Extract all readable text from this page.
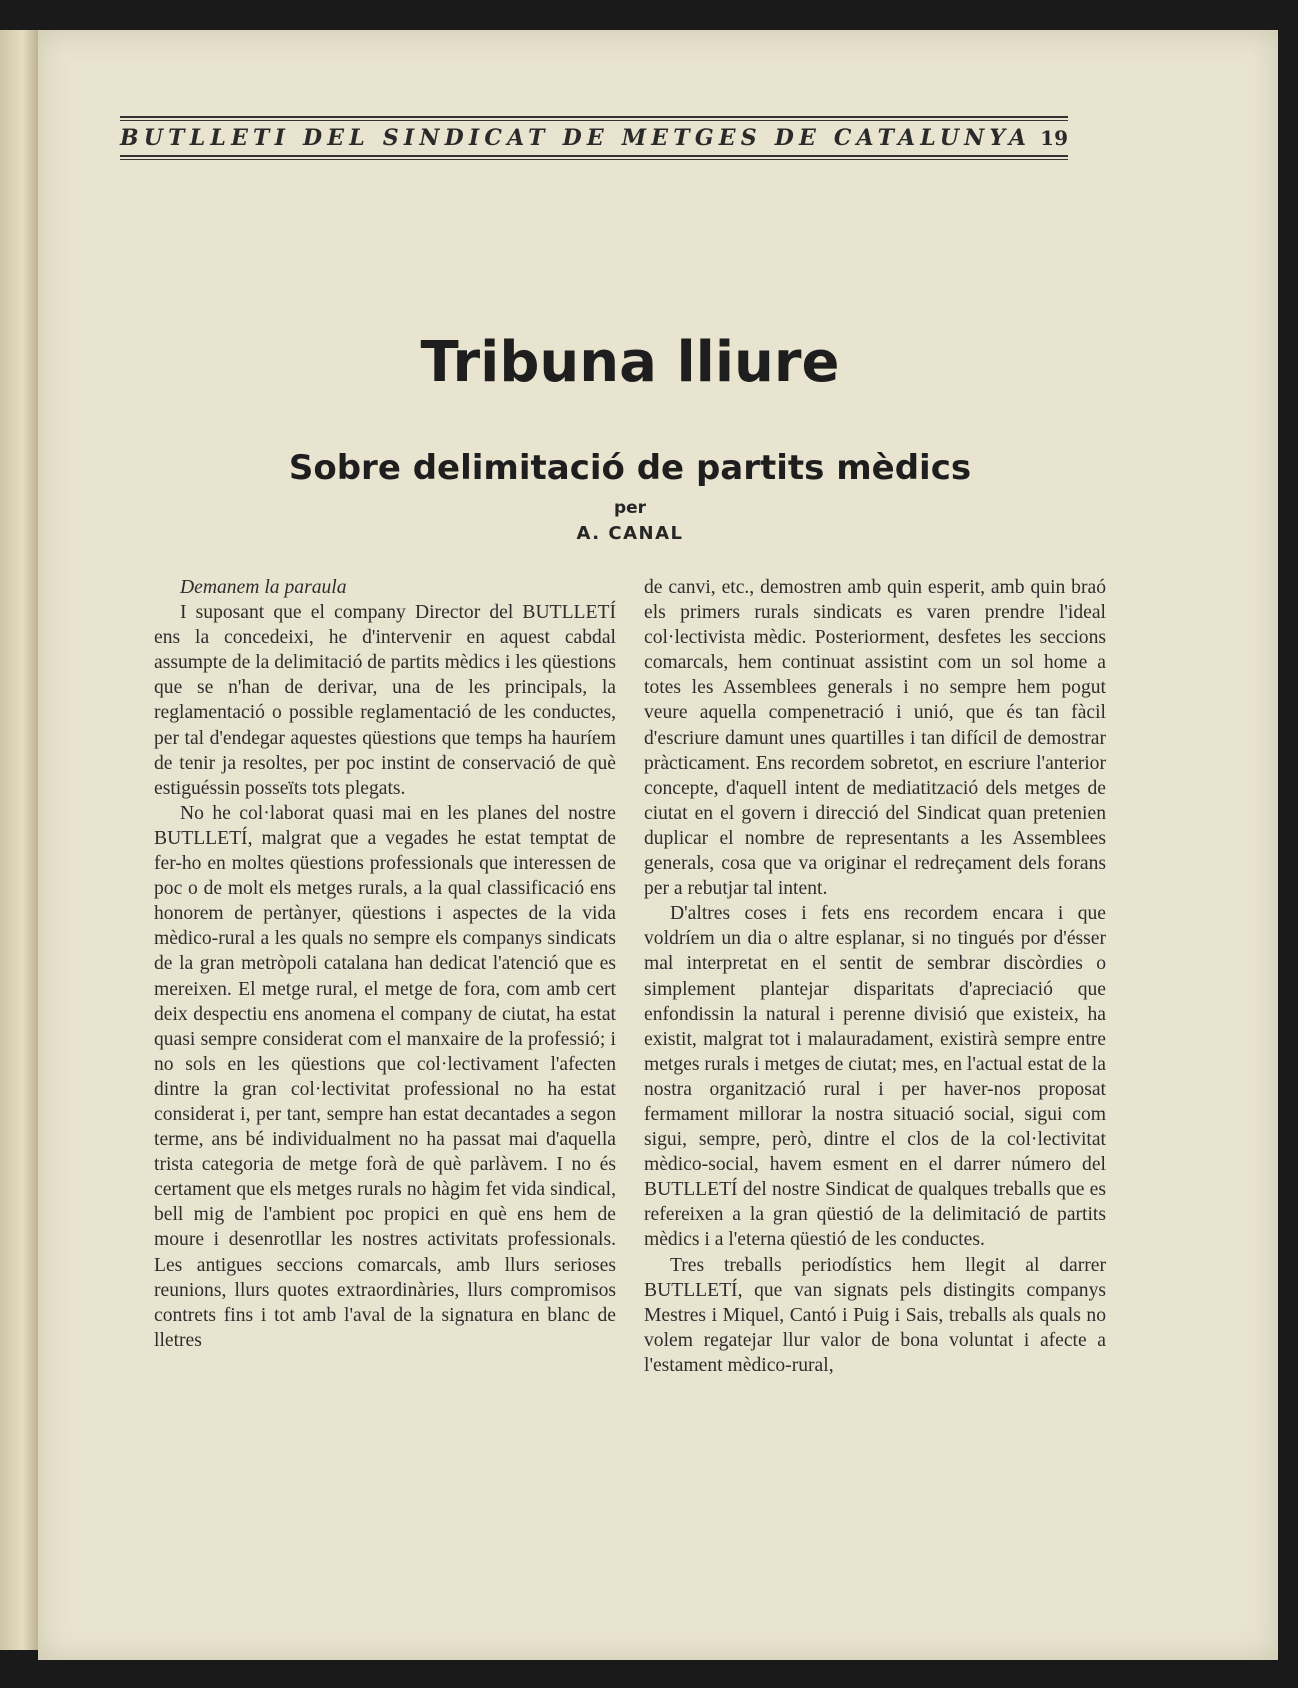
BUTLLETI DEL SINDICAT DE METGES DE CATALUNYA 19
Tribuna lliure
Sobre delimitació de partits mèdics
per
A. CANAL

Demanem la paraula

I suposant que el company Director del BUTLLETÍ ens la concedeixi, he d'intervenir en aquest cabdal assumpte de la delimitació de partits mèdics i les qüestions que se n'han de derivar, una de les principals, la reglamentació o possible reglamentació de les conductes, per tal d'endegar aquestes qüestions que temps ha hauríem de tenir ja resoltes, per poc instint de conservació de què estiguéssin posseïts tots plegats.

No he col·laborat quasi mai en les planes del nostre BUTLLETÍ, malgrat que a vegades he estat temptat de fer-ho en moltes qüestions professionals que interessen de poc o de molt els metges rurals, a la qual classificació ens honorem de pertànyer, qüestions i aspectes de la vida mèdico-rural a les quals no sempre els companys sindicats de la gran metròpoli catalana han dedicat l'atenció que es mereixen. El metge rural, el metge de fora, com amb cert deix despectiu ens anomena el company de ciutat, ha estat quasi sempre considerat com el manxaire de la professió; i no sols en les qüestions que col·lectivament l'afecten dintre la gran col·lectivitat professional no ha estat considerat i, per tant, sempre han estat decantades a segon terme, ans bé individualment no ha passat mai d'aquella trista categoria de metge forà de què parlàvem. I no és certament que els metges rurals no hàgim fet vida sindical, bell mig de l'ambient poc propici en què ens hem de moure i desenrotllar les nostres activitats professionals. Les antigues seccions comarcals, amb llurs serioses reunions, llurs quotes extraordinàries, llurs compromisos contrets fins i tot amb l'aval de la signatura en blanc de lletres

de canvi, etc., demostren amb quin esperit, amb quin braó els primers rurals sindicats es varen prendre l'ideal col·lectivista mèdic. Posteriorment, desfetes les seccions comarcals, hem continuat assistint com un sol home a totes les Assemblees generals i no sempre hem pogut veure aquella compenetració i unió, que és tan fàcil d'escriure damunt unes quartilles i tan difícil de demostrar pràcticament. Ens recordem sobretot, en escriure l'anterior concepte, d'aquell intent de mediatització dels metges de ciutat en el govern i direcció del Sindicat quan pretenien duplicar el nombre de representants a les Assemblees generals, cosa que va originar el redreçament dels forans per a rebutjar tal intent.

D'altres coses i fets ens recordem encara i que voldríem un dia o altre esplanar, si no tingués por d'ésser mal interpretat en el sentit de sembrar discòrdies o simplement plantejar disparitats d'apreciació que enfondissin la natural i perenne divisió que existeix, ha existit, malgrat tot i malauradament, existirà sempre entre metges rurals i metges de ciutat; mes, en l'actual estat de la nostra organització rural i per haver-nos proposat fermament millorar la nostra situació social, sigui com sigui, sempre, però, dintre el clos de la col·lectivitat mèdico-social, havem esment en el darrer número del BUTLLETÍ del nostre Sindicat de qualques treballs que es refereixen a la gran qüestió de la delimitació de partits mèdics i a l'eterna qüestió de les conductes.

Tres treballs periodístics hem llegit al darrer BUTLLETÍ, que van signats pels distingits companys Mestres i Miquel, Cantó i Puig i Sais, treballs als quals no volem regatejar llur valor de bona voluntat i afecte a l'estament mèdico-rural,
